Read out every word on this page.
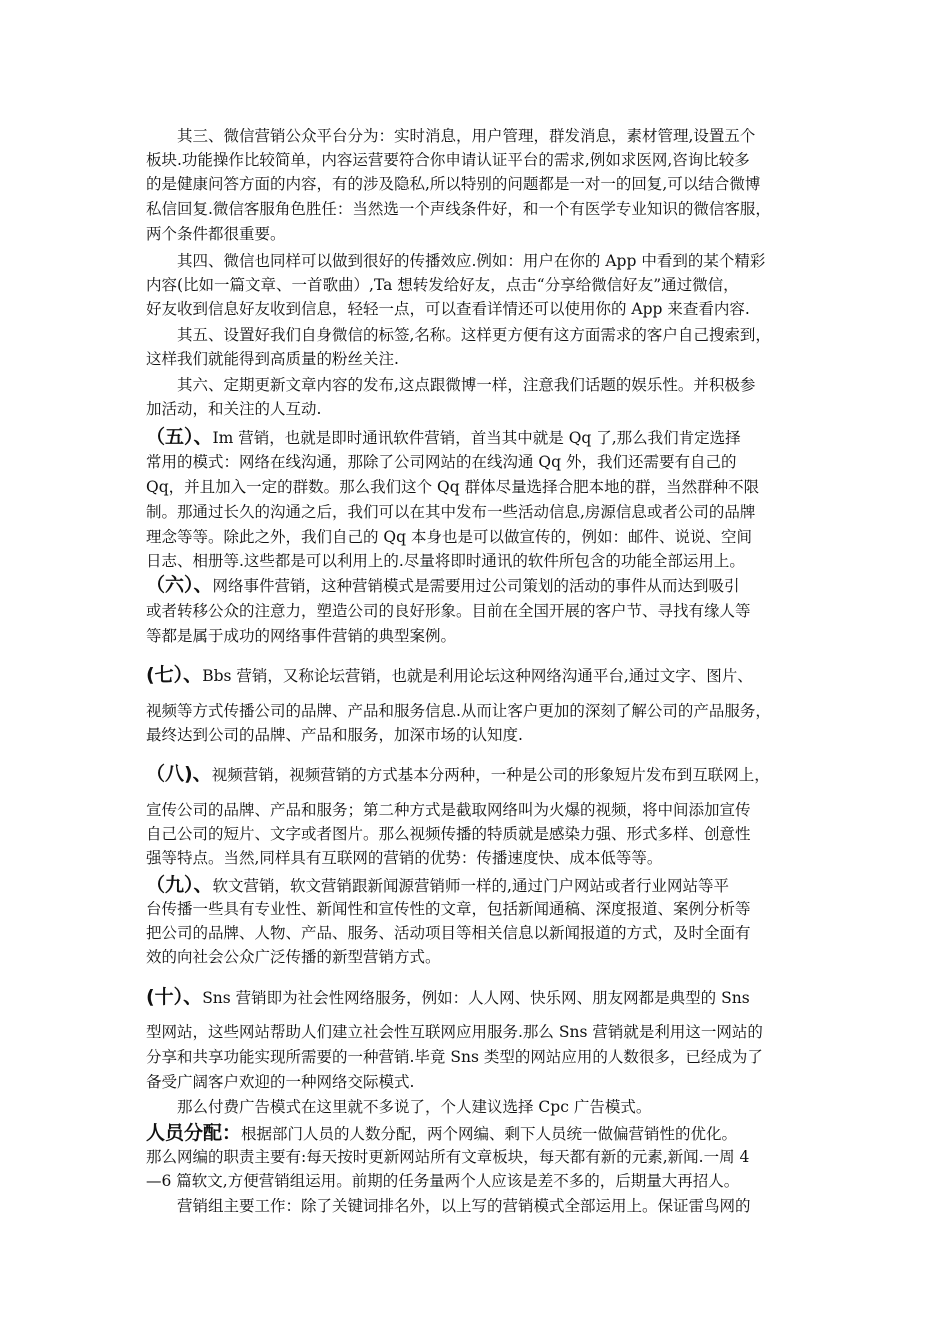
其三、微信营销公众平台分为：实时消息，用户管理，群发消息，素材管理,设置五个
板块.功能操作比较简单，内容运营要符合你申请认证平台的需求,例如求医网,咨询比较多
的是健康问答方面的内容，有的涉及隐私,所以特别的问题都是一对一的回复,可以结合微博
私信回复.微信客服角色胜任：当然选一个声线条件好，和一个有医学专业知识的微信客服，
两个条件都很重要。
其四、微信也同样可以做到很好的传播效应.例如：用户在你的 App 中看到的某个精彩
内容(比如一篇文章、一首歌曲）,Ta 想转发给好友，点击“分享给微信好友”通过微信，
好友收到信息好友收到信息，轻轻一点，可以查看详情还可以使用你的 App 来查看内容.
其五、设置好我们自身微信的标签,名称。这样更方便有这方面需求的客户自己搜索到，
这样我们就能得到高质量的粉丝关注.
其六、定期更新文章内容的发布,这点跟微博一样，注意我们话题的娱乐性。并积极参
加活动，和关注的人互动.
（五）、Im 营销，也就是即时通讯软件营销，首当其中就是 Qq 了,那么我们肯定选择
常用的模式：网络在线沟通，那除了公司网站的在线沟通 Qq 外，我们还需要有自己的
Qq，并且加入一定的群数。那么我们这个 Qq 群体尽量选择合肥本地的群，当然群种不限
制。那通过长久的沟通之后，我们可以在其中发布一些活动信息,房源信息或者公司的品牌
理念等等。除此之外，我们自己的 Qq 本身也是可以做宣传的，例如：邮件、说说、空间
日志、相册等.这些都是可以利用上的.尽量将即时通讯的软件所包含的功能全部运用上。
（六）、网络事件营销，这种营销模式是需要用过公司策划的活动的事件从而达到吸引
或者转移公众的注意力，塑造公司的良好形象。目前在全国开展的客户节、寻找有缘人等
等都是属于成功的网络事件营销的典型案例。
(七）、Bbs 营销，又称论坛营销，也就是利用论坛这种网络沟通平台,通过文字、图片、
视频等方式传播公司的品牌、产品和服务信息.从而让客户更加的深刻了解公司的产品服务，
最终达到公司的品牌、产品和服务，加深市场的认知度.
（八)、视频营销，视频营销的方式基本分两种，一种是公司的形象短片发布到互联网上，
宣传公司的品牌、产品和服务；第二种方式是截取网络叫为火爆的视频，将中间添加宣传
自己公司的短片、文字或者图片。那么视频传播的特质就是感染力强、形式多样、创意性
强等特点。当然,同样具有互联网的营销的优势：传播速度快、成本低等等。
（九）、软文营销，软文营销跟新闻源营销师一样的,通过门户网站或者行业网站等平
台传播一些具有专业性、新闻性和宣传性的文章，包括新闻通稿、深度报道、案例分析等
把公司的品牌、人物、产品、服务、活动项目等相关信息以新闻报道的方式，及时全面有
效的向社会公众广泛传播的新型营销方式。
(十）、Sns 营销即为社会性网络服务，例如：人人网、快乐网、朋友网都是典型的 Sns
型网站，这些网站帮助人们建立社会性互联网应用服务.那么 Sns 营销就是利用这一网站的
分享和共享功能实现所需要的一种营销.毕竟 Sns 类型的网站应用的人数很多，已经成为了
备受广阔客户欢迎的一种网络交际模式.
那么付费广告模式在这里就不多说了，个人建议选择 Cpc 广告模式。
人员分配：根据部门人员的人数分配，两个网编、剩下人员统一做偏营销性的优化。
那么网编的职责主要有:每天按时更新网站所有文章板块，每天都有新的元素,新闻.一周 4
—6 篇软文,方便营销组运用。前期的任务量两个人应该是差不多的，后期量大再招人。
营销组主要工作：除了关键词排名外，以上写的营销模式全部运用上。保证雷鸟网的
